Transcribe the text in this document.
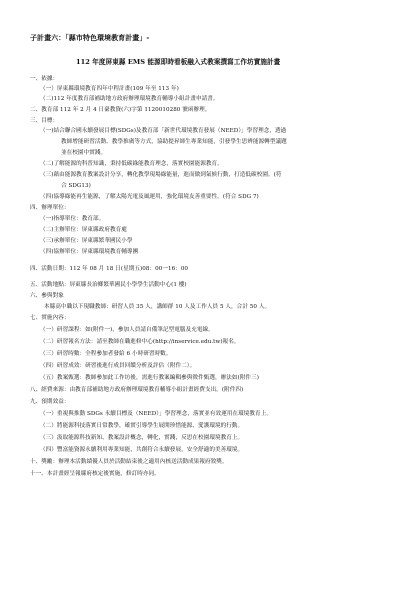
子計畫六：「縣市特色環境教育計畫」-
112 年度屏東縣 EMS 能源即時看板融入式教案撰寫工作坊實施計畫
一、依據：
（一）屏東縣環境教育四年中程計畫(109 年至 113 年)
（二)112 年度教育部補助地方政府辦理環境教育輔導小組計畫申請書。
二、教育部 112 年 2 月 4 日臺教資(六)字第 1120010280 號函辦理。
三、目標：
（一)結合聯合國永續發展目標(SDGs)及教育部「新世代環境教育發展（NEED）」學習理念，透過
教師增能研習活動、教學推廣等方式，協助提昇師生專業知能，引發學生思辨能源轉型議題
並在校園中實踐。
（二)了解能源的科普知識，秉持低碳綠能教育理念，落實校園能源教育。
（三)藉由能源教育教案設計分享，轉化教學現場綠能量，進而做到氣候行動，打造低碳校園。(符
合 SDG13)
（四)協導綠能再生能源，了解太陽光電及風運用，強化環境友善重要性。(符合 SDG 7)
四、辦理單位：
（一)指導單位：教育部。
（二)主辦單位：屏東縣政府教育處
（三)承辦單位：屏東縣繁華國民小學
（四)協辦單位：屏東縣環境教育輔導團
四、活動日期：112 年 08 月 18 日(星期五)08：00一16：00
五、活動地點：屏東縣長治鄉繁華國民小學學生活動中心(1 樓)
六、參與對象
本縣高中職以下現職教師：研習人員 35 人，講師群 10 人及工作人員 5 人，合計 50 人。
七、實施內容：
（一）研習課程：如(附件一)，參加人員請自備筆記型電腦及充電線。
（二）研習報名方法：請至教師在職進修中心(http://inservice.edu.tw)報名。
（三）研習時數：全程參加者發給 6 小時研習時數。
（四）研習成效：研習後進行成員回饋分析及評估（附件二）。
（五）教案甄選：教師參加此工作坊後，需進行教案編輯參與徵件甄選，辦法如(附件三)
八、經費來源：由教育部補助地方政府辦理環境教育輔導小組計畫經費支出。(附件四)
九、預期效益：
（一）重視與推動 SDGs 永續目標及（NEED）」學習理念，落實並有效運用在環境教育上。
（二）將能源科技落實日常教學，確實引導學生展開珍惜能源、愛護環境的行動。
（三）汲取能源科技新知、教案設計概念，轉化，實踐，反思在校園環境教育上。
（四）豐富能資源永續利用專業知能，共創符合永續發展，安全舒適的美善環境。
十、獎勵：辦理本活動績優人員於活動結束後之適用內核送活動成果報府敘獎。
十一、本計畫經呈報縣府核定後實施，修訂時亦同。
